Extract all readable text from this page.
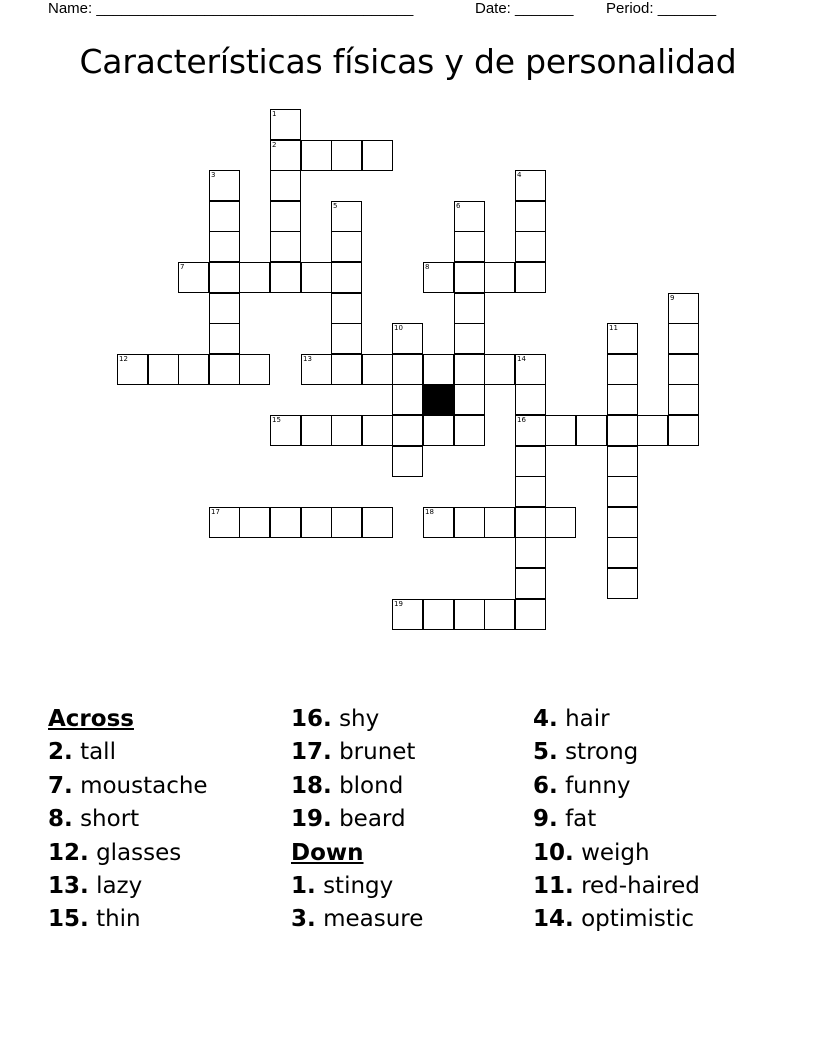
Name: ______________________________________	Date: _______ Period: _______
Características físicas y de personalidad
2
7	8
12	13	14
15	16
17	18
19
1
3	4
5	6
9
10	11
Across
2. tall
7. moustache
8. short
12. glasses
13. lazy
15. thin
16. shy
17. brunet
18. blond
19. beard
Down
1. stingy
3. measure
4. hair
5. strong
6. funny
9. fat
10. weigh
11. red-haired
14. optimistic
